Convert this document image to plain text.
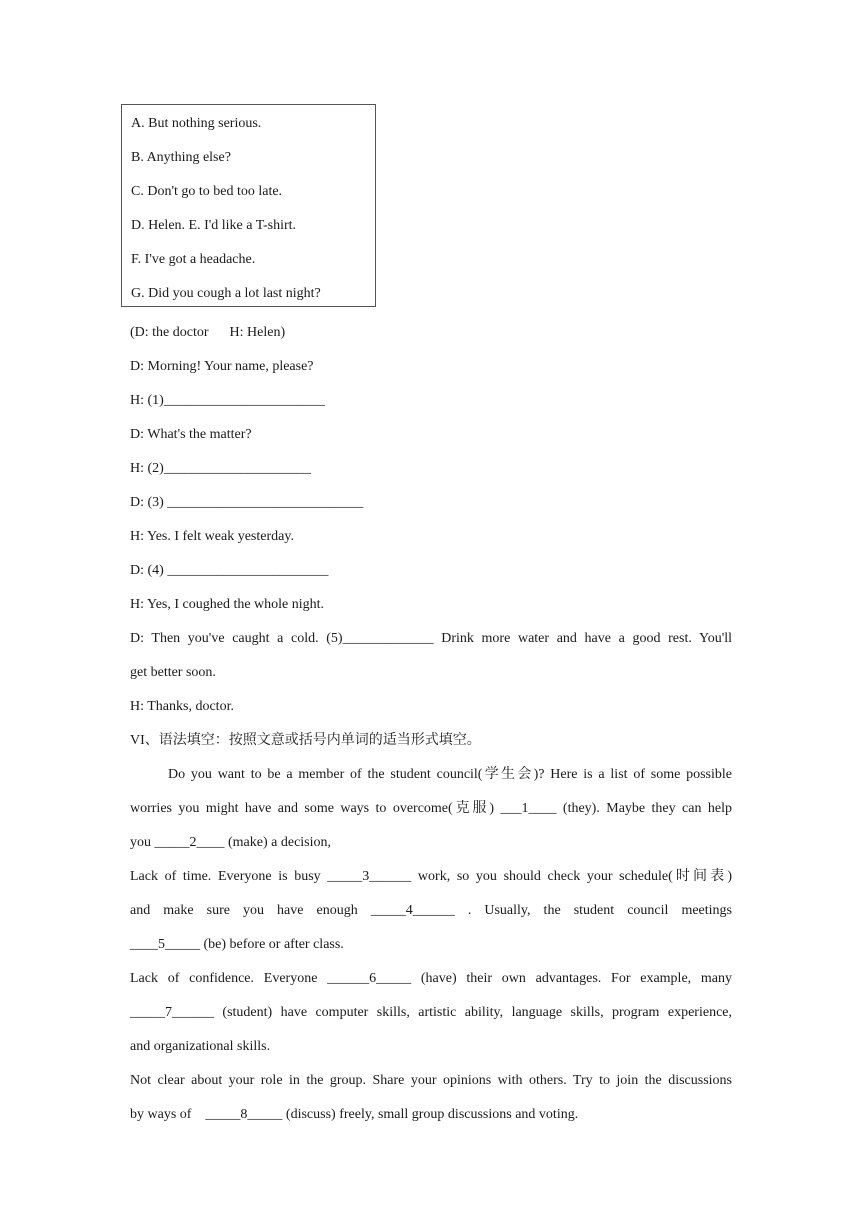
A. But nothing serious.
B. Anything else?
C. Don't go to bed too late.
D. Helen. E. I'd like a T-shirt.
F. I've got a headache.
G. Did you cough a lot last night?
(D: the doctor      H: Helen)
D: Morning! Your name, please?
H: (1)_______________________
D: What's the matter?
H: (2)_____________________
D: (3) ____________________________
H: Yes. I felt weak yesterday.
D: (4) _______________________
H: Yes, I coughed the whole night.
D: Then you've caught a cold. (5)_____________ Drink more water and have a good rest. You'll
get better soon.
H: Thanks, doctor.
VI、语法填空：按照文意或括号内单词的适当形式填空。
Do you want to be a member of the student council(学生会)? Here is a list of some possible
worries you might have and some ways to overcome(克服) ___1____ (they). Maybe they can help
you _____2____ (make) a decision,
Lack of time. Everyone is busy _____3______ work, so you should check your schedule(时间表)
and make sure you have enough _____4______ . Usually, the student council meetings
____5_____ (be) before or after class.
Lack of confidence. Everyone ______6_____ (have) their own advantages. For example, many
_____7______ (student) have computer skills, artistic ability, language skills, program experience,
and organizational skills.
Not clear about your role in the group. Share your opinions with others. Try to join the discussions
by ways of    _____8_____ (discuss) freely, small group discussions and voting.
